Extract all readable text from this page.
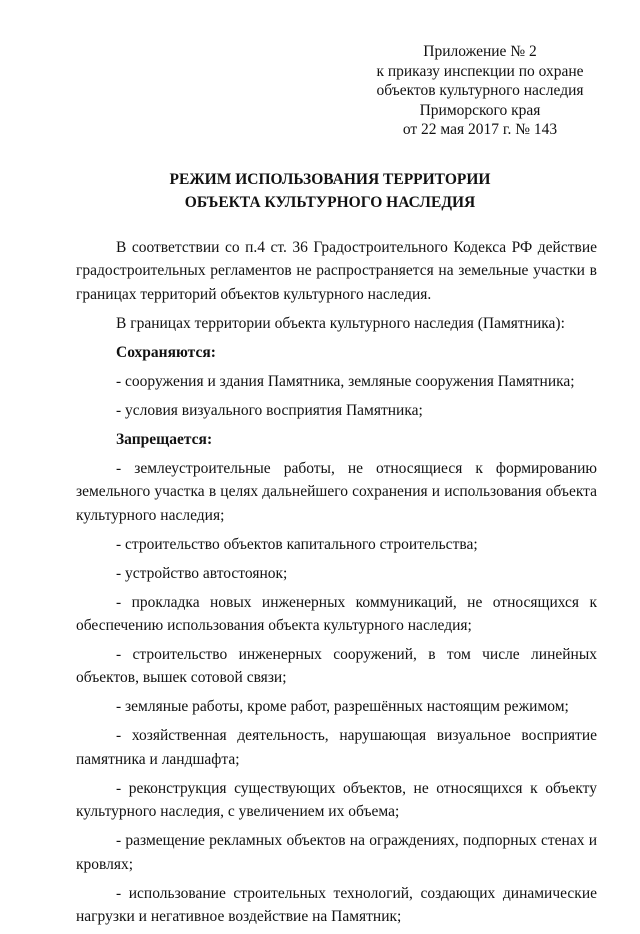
Приложение № 2
к приказу инспекции по охране
объектов культурного наследия
Приморского края
от 22 мая 2017 г. № 143
РЕЖИМ ИСПОЛЬЗОВАНИЯ ТЕРРИТОРИИ
ОБЪЕКТА КУЛЬТУРНОГО НАСЛЕДИЯ
В соответствии со п.4 ст. 36 Градостроительного Кодекса РФ действие градостроительных регламентов не распространяется на земельные участки в границах территорий объектов культурного наследия.
В границах территории объекта культурного наследия (Памятника):
Сохраняются:
- сооружения и здания Памятника, земляные сооружения Памятника;
- условия визуального восприятия Памятника;
Запрещается:
- землеустроительные работы, не относящиеся к формированию земельного участка в целях дальнейшего сохранения и использования объекта культурного наследия;
- строительство объектов капитального строительства;
- устройство автостоянок;
- прокладка новых инженерных коммуникаций, не относящихся к обеспечению использования объекта культурного наследия;
- строительство инженерных сооружений, в том числе линейных объектов, вышек сотовой связи;
- земляные работы, кроме работ, разрешённых настоящим режимом;
- хозяйственная деятельность, нарушающая визуальное восприятие памятника и ландшафта;
- реконструкция существующих объектов, не относящихся к объекту культурного наследия, с увеличением их объема;
- размещение рекламных объектов на ограждениях, подпорных стенах и кровлях;
- использование строительных технологий, создающих динамические нагрузки и негативное воздействие на Памятник;
